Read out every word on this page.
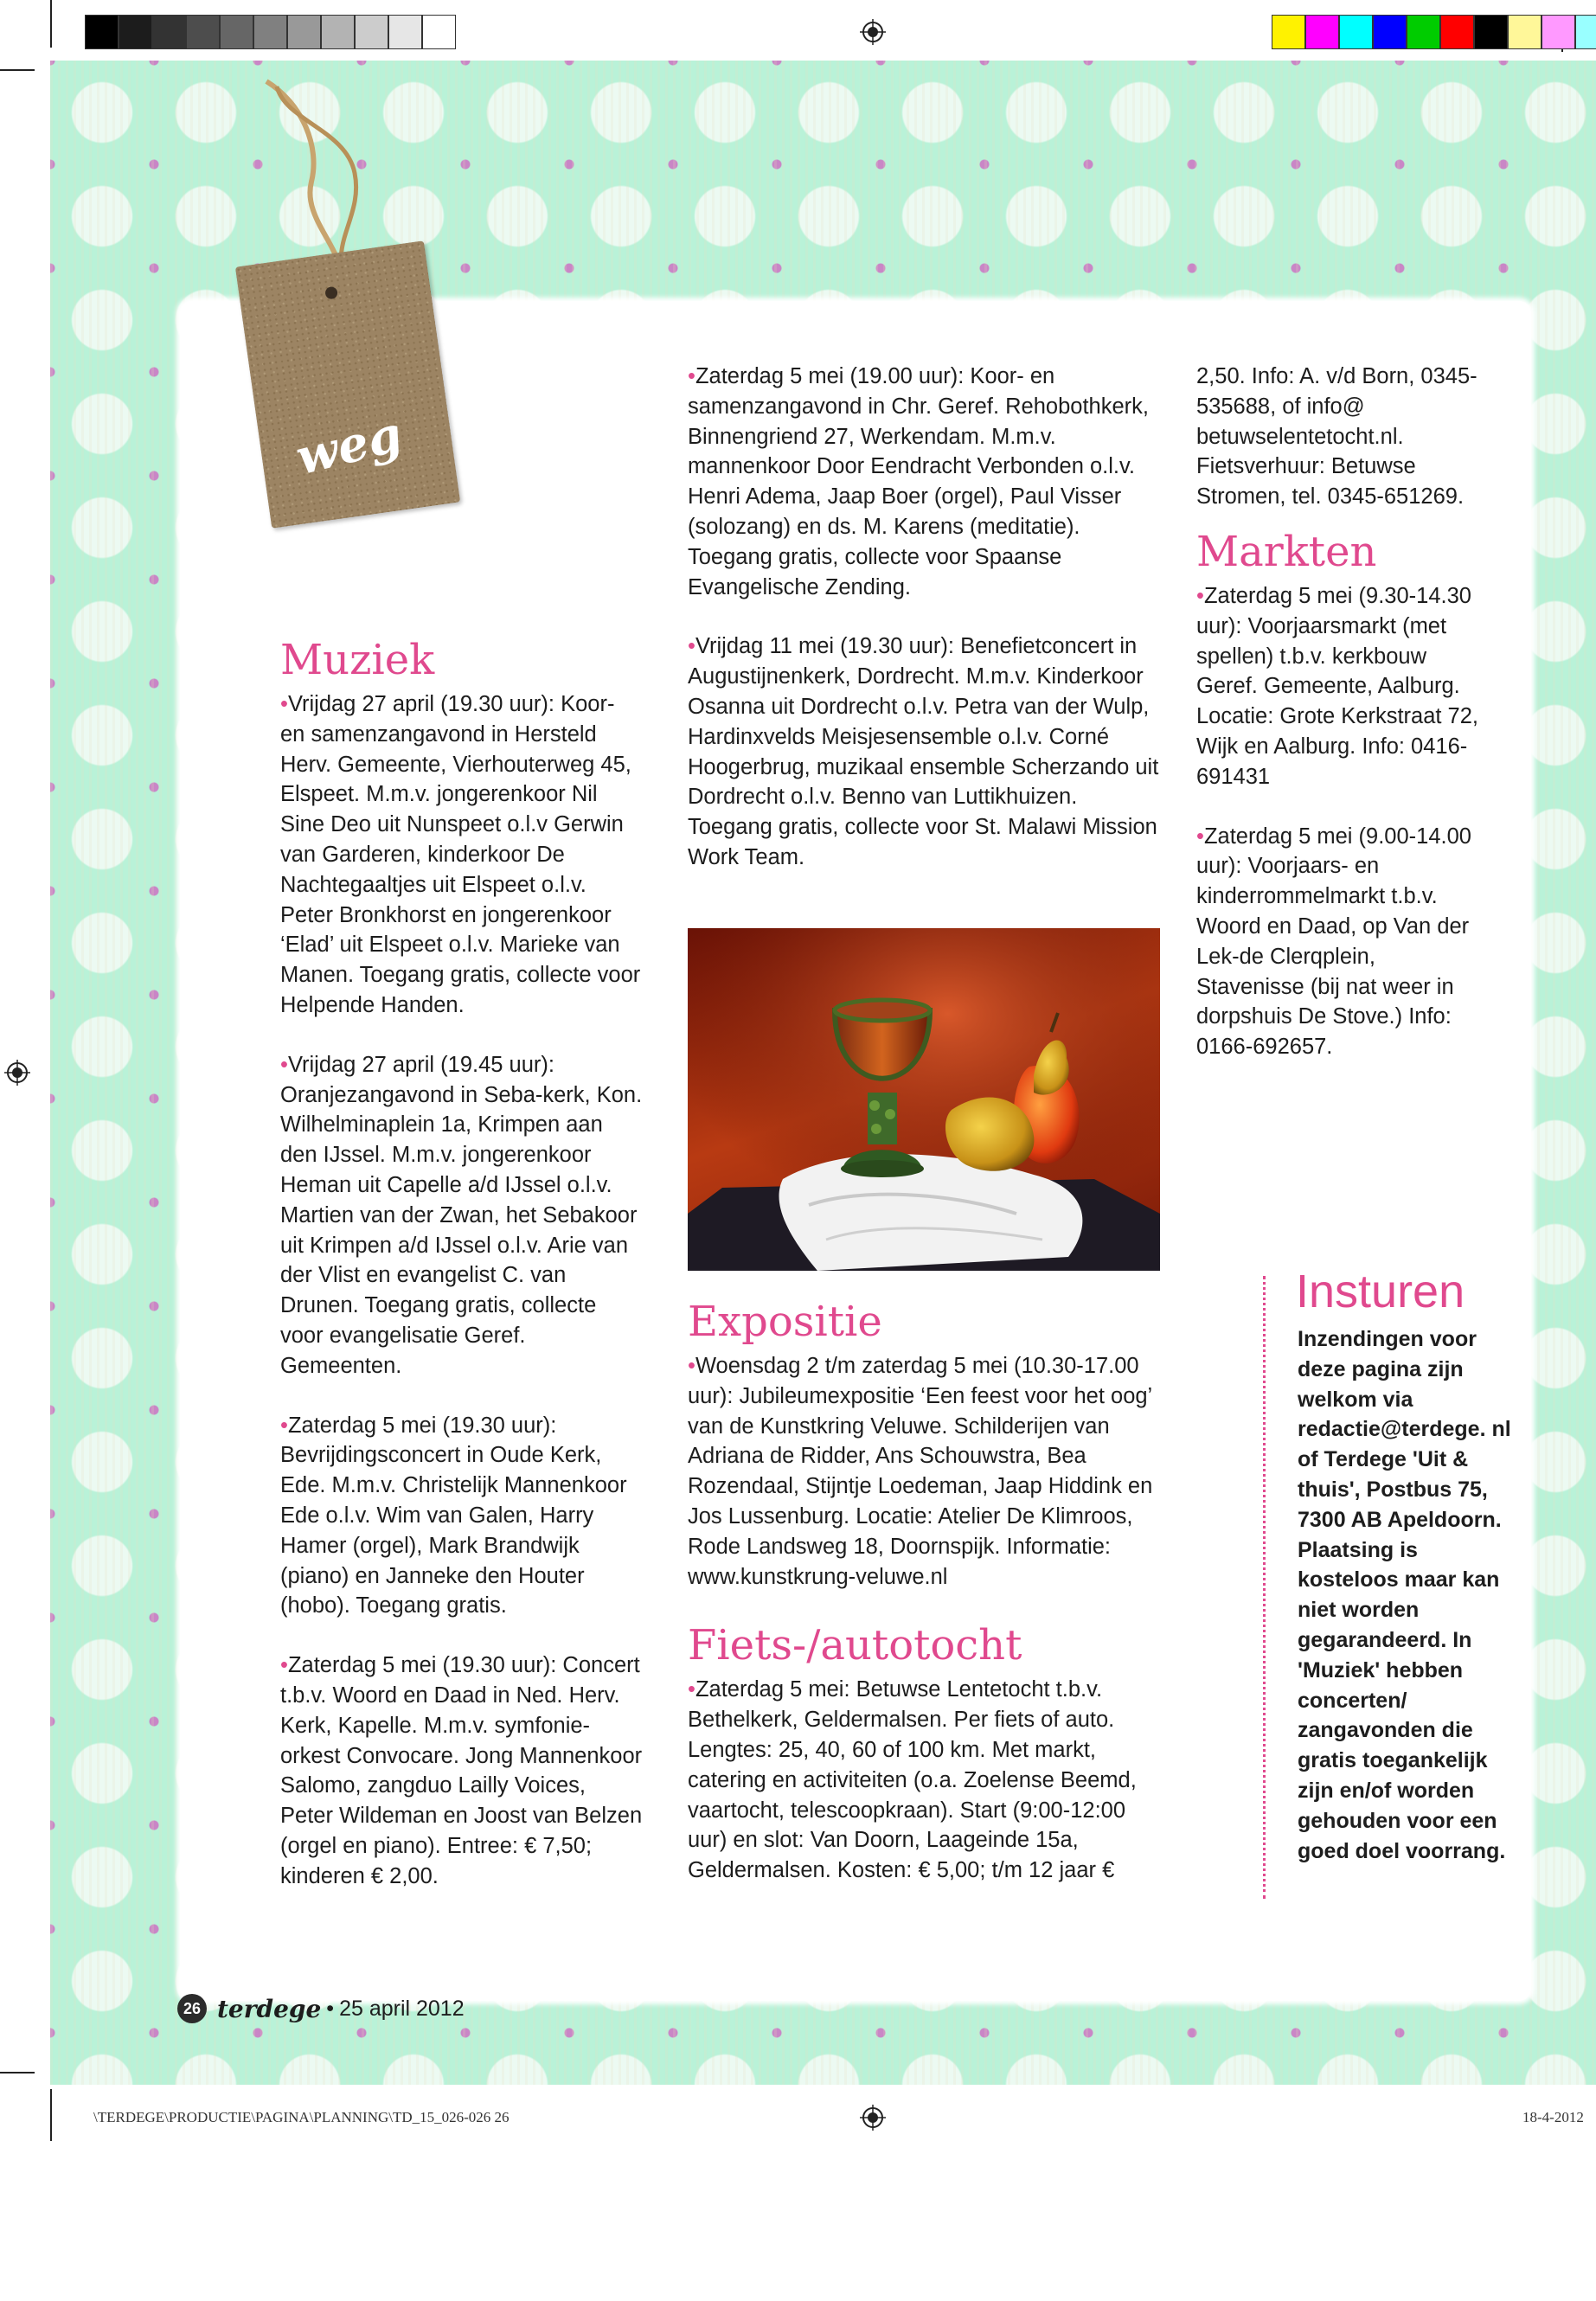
weg
Muziek

•Vrijdag 27 april (19.30 uur): Koor- en samenzangavond in Hersteld Herv. Gemeente, Vierhouterweg 45, Elspeet. M.m.v. jongerenkoor Nil Sine Deo uit Nunspeet o.l.v Gerwin van Garderen, kinderkoor De Nachtegaaltjes uit Elspeet o.l.v. Peter Bronkhorst en jongerenkoor ‘Elad’ uit Elspeet o.l.v. Marieke van Manen. Toegang gratis, collecte voor Helpende Handen.

•Vrijdag 27 april (19.45 uur): Oranjezangavond in Seba-kerk, Kon. Wilhelminaplein 1a, Krimpen aan den IJssel. M.m.v. jongerenkoor Heman uit Capelle a/d IJssel o.l.v. Martien van der Zwan, het Sebakoor uit Krimpen a/d IJssel o.l.v. Arie van der Vlist en evangelist C. van Drunen. Toegang gratis, collecte voor evangelisatie Geref. Gemeenten.

•Zaterdag 5 mei (19.30 uur): Bevrijdingsconcert in Oude Kerk, Ede. M.m.v. Christelijk Mannenkoor Ede o.l.v. Wim van Galen, Harry Hamer (orgel), Mark Brandwijk (piano) en Janneke den Houter (hobo). Toegang gratis.

•Zaterdag 5 mei (19.30 uur): Concert t.b.v. Woord en Daad in Ned. Herv. Kerk, Kapelle. M.m.v. symfonie-orkest Convocare. Jong Mannenkoor Salomo, zangduo Lailly Voices, Peter Wildeman en Joost van Belzen (orgel en piano). Entree: € 7,50; kinderen € 2,00.

•Zaterdag 5 mei (19.00 uur): Koor- en samenzangavond in Chr. Geref. Rehobothkerk, Binnengriend 27, Werkendam. M.m.v. mannenkoor Door Eendracht Verbonden o.l.v. Henri Adema, Jaap Boer (orgel), Paul Visser (solozang) en ds. M. Karens (meditatie). Toegang gratis, collecte voor Spaanse Evangelische Zending.

•Vrijdag 11 mei (19.30 uur): Benefietconcert in Augustijnenkerk, Dordrecht. M.m.v. Kinderkoor Osanna uit Dordrecht o.l.v. Petra van der Wulp, Hardinxvelds Meisjesensemble o.l.v. Corné Hoogerbrug, muzikaal ensemble Scherzando uit Dordrecht o.l.v. Benno van Luttikhuizen. Toegang gratis, collecte voor St. Malawi Mission Work Team.

Expositie

•Woensdag 2 t/m zaterdag 5 mei (10.30-17.00 uur): Jubileumexpositie ‘Een feest voor het oog’ van de Kunstkring Veluwe. Schilderijen van Adriana de Ridder, Ans Schouwstra, Bea Rozendaal, Stijntje Loedeman, Jaap Hiddink en Jos Lussenburg. Locatie: Atelier De Klimroos, Rode Landsweg 18, Doornspijk. Informatie: www.kunstkrung-veluwe.nl

Fiets-/autotocht

•Zaterdag 5 mei: Betuwse Lentetocht t.b.v. Bethelkerk, Geldermalsen. Per fiets of auto. Lengtes: 25, 40, 60 of 100 km. Met markt, catering en activiteiten (o.a. Zoelense Beemd, vaartocht, telescoopkraan). Start (9:00-12:00 uur) en slot: Van Doorn, Laageinde 15a, Geldermalsen. Kosten: € 5,00; t/m 12 jaar €

2,50. Info: A. v/d Born, 0345-535688, of info@ betuwselentetocht.nl. Fietsverhuur: Betuwse Stromen, tel. 0345-651269.

Markten

•Zaterdag 5 mei (9.30-14.30 uur): Voorjaarsmarkt (met spellen) t.b.v. kerkbouw Geref. Gemeente, Aalburg. Locatie: Grote Kerkstraat 72, Wijk en Aalburg. Info: 0416-691431

•Zaterdag 5 mei (9.00-14.00 uur): Voorjaars- en kinderrommelmarkt t.b.v. Woord en Daad, op Van der Lek-de Clerqplein, Stavenisse (bij nat weer in dorpshuis De Stove.) Info: 0166-692657.

Insturen
Inzendingen voor deze pagina zijn welkom via redactie@terdege. nl of Terdege 'Uit & thuis', Postbus 75, 7300 AB Apeldoorn. Plaatsing is kosteloos maar kan niet worden gegarandeerd. In 'Muziek' hebben concerten/ zangavonden die gratis toegankelijk zijn en/of worden gehouden voor een goed doel voorrang.
26 terdege • 25 april 2012
\TERDEGE\PRODUCTIE\PAGINA\PLANNING\TD_15_026-026 26	18-4-2012
